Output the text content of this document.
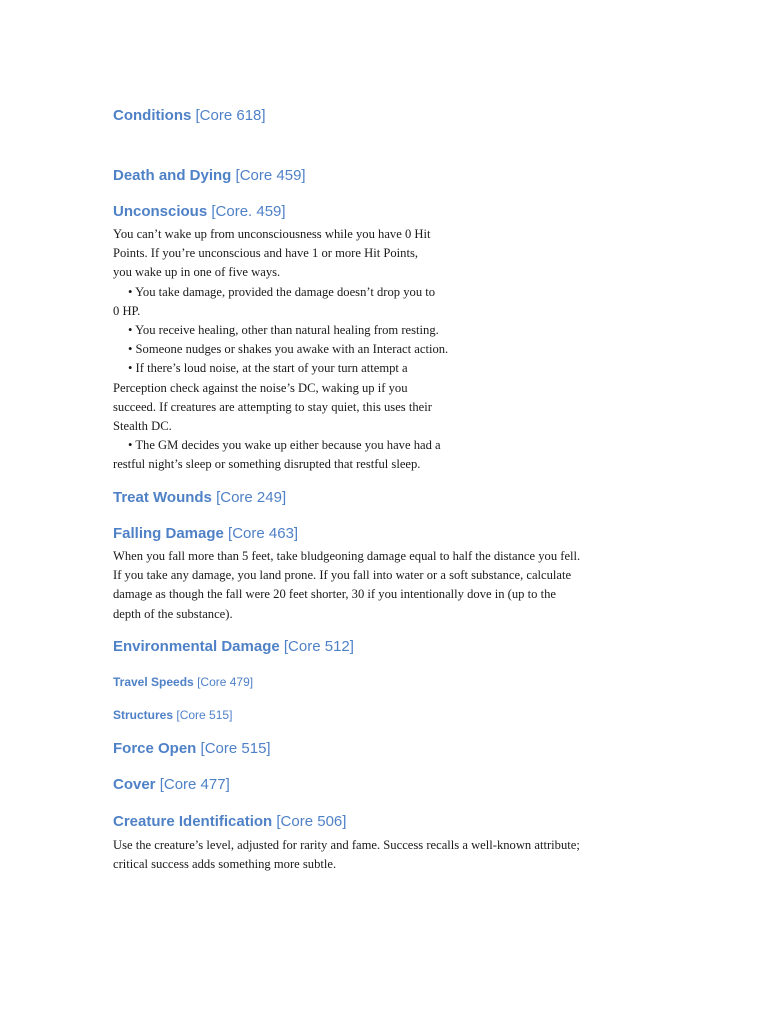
Conditions [Core 618]
Death and Dying [Core 459]
Unconscious [Core. 459]
You can’t wake up from unconsciousness while you have 0 Hit
Points. If you’re unconscious and have 1 or more Hit Points,
you wake up in one of five ways.
• You take damage, provided the damage doesn’t drop you to
0 HP.
• You receive healing, other than natural healing from resting.
• Someone nudges or shakes you awake with an Interact action.
• If there’s loud noise, at the start of your turn attempt a
Perception check against the noise’s DC, waking up if you
succeed. If creatures are attempting to stay quiet, this uses their
Stealth DC.
• The GM decides you wake up either because you have had a
restful night’s sleep or something disrupted that restful sleep.
Treat Wounds [Core 249]
Falling Damage [Core 463]
When you fall more than 5 feet, take bludgeoning damage equal to half the distance you fell.
If you take any damage, you land prone. If you fall into water or a soft substance, calculate
damage as though the fall were 20 feet shorter, 30 if you intentionally dove in (up to the
depth of the substance).
Environmental Damage [Core 512]
Travel Speeds [Core 479]
Structures [Core 515]
Force Open [Core 515]
Cover [Core 477]
Creature Identification [Core 506]
Use the creature’s level, adjusted for rarity and fame. Success recalls a well-known attribute;
critical success adds something more subtle.
